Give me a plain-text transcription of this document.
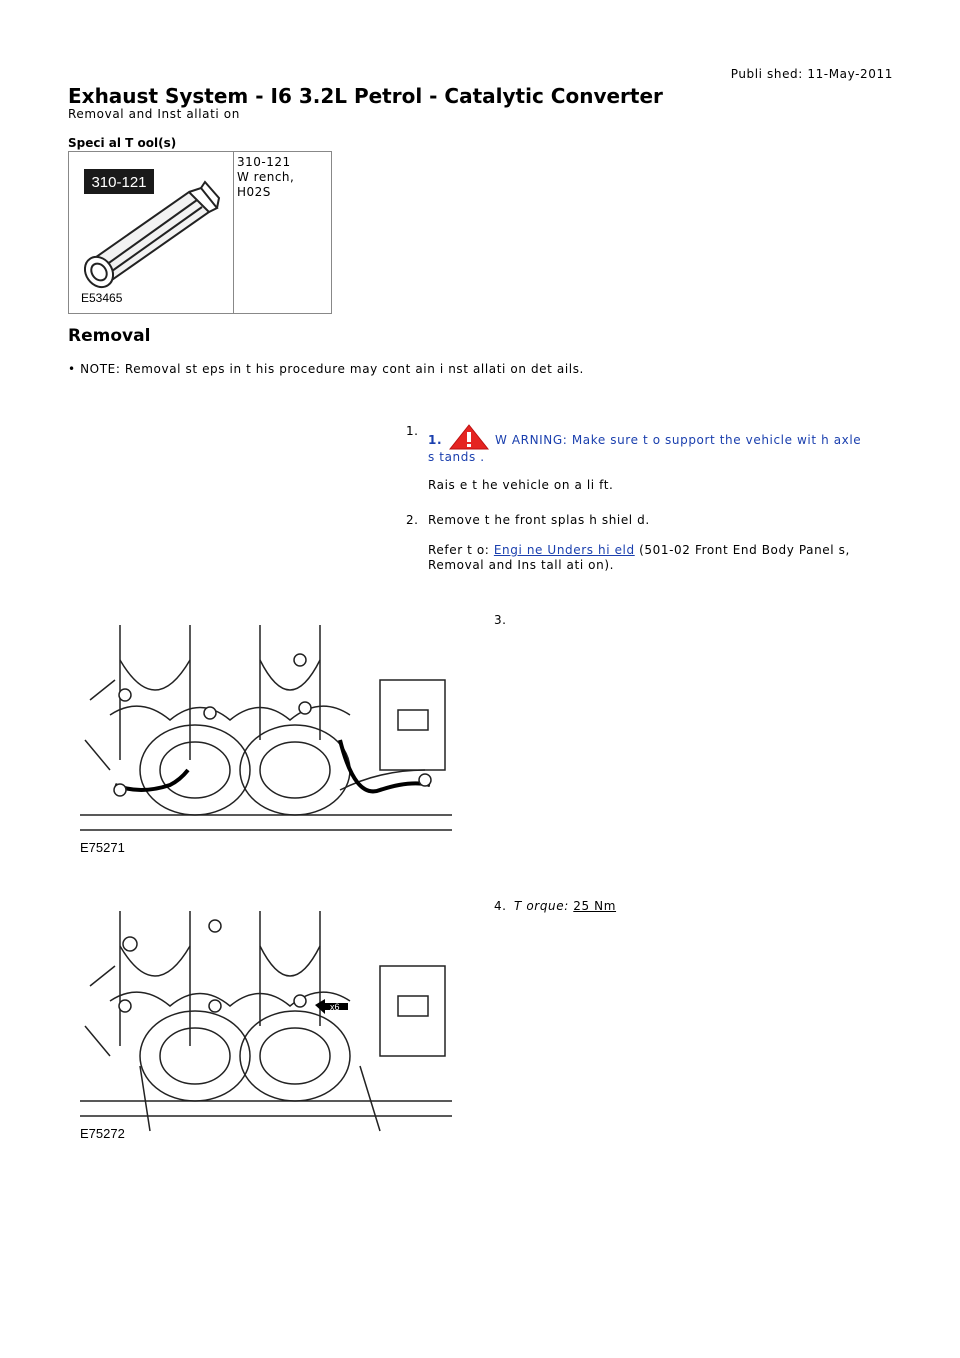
Publi shed: 11-May-2011
Exhaust System - I6 3.2L Petrol - Catalytic Converter
Removal and Inst allati on
Speci al T ool(s)
310-121
E53465
310-121
W rench, H02S
Removal
• NOTE: Removal st eps in t his procedure may cont ain i nst allati on det ails.
1.
1.	W ARNING: Make sure t o support the vehicle wit h axle
s tands .
Rais e t he vehicle on a li ft.
2. Remove t he front splas h shiel d.
Refer t o: Engi ne Unders hi eld (501-02 Front End Body Panel s,
Removal and Ins tall ati on).
3.
E75271
4. T orque: 25 Nm
x6
E75272
